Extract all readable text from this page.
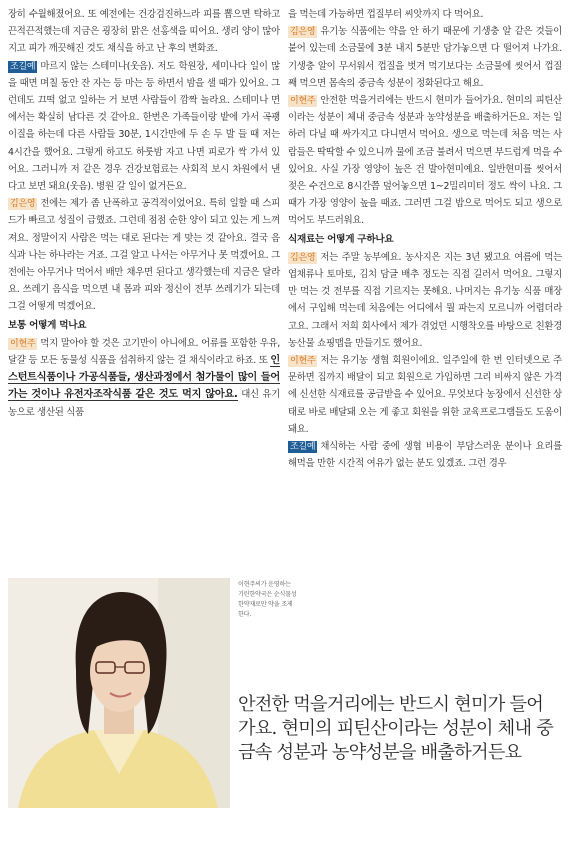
장히 수월해졌어요. 또 예전에는 건강검진하느라 피를 뽑으면 탁하고 끈적끈적했는데 지금은 굉장히 맑은 선홍색을 띠어요. 생리 양이 많아지고 피가 깨끗해진 것도 채식을 하고 난 후의 변화죠.

조길예 마르지 않는 스테미나(웃음). 저도 학원장, 세미나다 일이 많을 때면 며칠 동안 잔 자는 등 마는 등 하면서 밤을 샐 때가 있어요. 그런데도 끄떡 없고 일하는 거 보면 사람들이 깜짝 놀라요. 스테미나 면에서는 확실히 남다른 것 같아요. 한번은 가족들이랑 밭에 가서 곡괭이질을 하는데 다른 사람들 30분, 1시간만에 두 손 두 발 들 때 저는 4시간을 했어요. 그렇게 하고도 하룻밤 자고 나면 피로가 싹 가셔 있어요. 그러니까 저 같은 경우 건강보험료는 사회적 보시 차원에서 낸다고 보면 돼요(웃음). 병원 갈 일이 없거든요.

김은영 전에는 제가 좀 난폭하고 공격적이었어요. 특히 일할 때 스피드가 빠르고 성질이 급했죠. 그런데 점점 순한 양이 되고 있는 게 느껴져요. 정말이지 사람은 먹는 대로 된다는 게 맞는 것 같아요. 결국 음식과 나는 하나라는 거죠. 그걸 알고 나서는 아무거나 못 먹겠어요. 그 전에는 아무거나 먹어서 배만 채우면 된다고 생각했는데 지금은 달라요. 쓰레기 음식을 먹으면 내 몸과 피와 정신이 전부 쓰레기가 되는데 그걸 어떻게 먹겠어요.

보통 어떻게 먹나요

이현주 먹지 말아야 할 것은 고기만이 아니에요. 어류를 포함한 우유, 달걀 등 모든 동물성 식품을 섭취하지 않는 걸 채식이라고 하죠. 또 인스턴트식품이나 가공식품들, 생산과정에서 첨가물이 많이 들어가는 것이나 유전자조작식품 같은 것도 먹지 않아요. 대신 유기농으로 생산된 식품

을 먹는데 가능하면 껍질부터 씨앗까지 다 먹어요.

김은영 유기농 식품에는 약을 안 하기 때문에 기생충 알 같은 것들이 붙어 있는데 소금물에 3분 내지 5분만 담가놓으면 다 떨어져 나가요. 기생충 알이 무서워서 껍질을 벗겨 먹기보다는 소금물에 씻어서 껍질째 먹으면 몸속의 중금속 성분이 정화된다고 해요.

이현주 안전한 먹을거리에는 반드시 현미가 들어가요. 현미의 피틴산이라는 성분이 체내 중금속 성분과 농약성분을 배출하거든요. 저는 일하러 다닐 때 싸가지고 다니면서 먹어요. 생으로 먹는데 처음 먹는 사람들은 딱딱할 수 있으니까 물에 조금 불려서 먹으면 부드럽게 먹을 수 있어요. 사실 가장 영양이 높은 건 발아현미예요. 일반현미를 씻어서 젖은 수건으로 8시간쯤 덮어놓으면 1~2밀리미터 정도 싹이 나요. 그때가 가장 영양이 높을 때죠. 그러면 그걸 밥으로 먹어도 되고 생으로 먹어도 부드러워요.

식재료는 어떻게 구하나요

김은영 저는 주말 농부예요. 농사지은 지는 3년 됐고요 여름에 먹는 엽채류나 토마토, 김치 담글 배추 정도는 직접 길러서 먹어요. 그렇지만 먹는 것 전부를 직접 기르지는 못해요. 나머지는 유기농 식품 매장에서 구입해 먹는데 처음에는 어디에서 뭘 파는지 모르니까 어렵더라고요. 그래서 저희 회사에서 제가 겪었던 시행착오를 바탕으로 친환경 농산물 쇼핑맵을 만들기도 했어요.

이현주 저는 유기농 생협 회원이에요. 일주일에 한 번 인터넷으로 주문하면 집까지 배달이 되고 회원으로 가입하면 그리 비싸지 않은 가격에 신선한 식재료를 공급받을 수 있어요. 무엇보다 농장에서 신선한 상태로 바로 배달돼 오는 게 좋고 회원을 위한 교육프로그램들도 도움이 돼요.

조길예 채식하는 사람 중에 생협 비용이 부담스러운 분이나 요리를 해먹을 만한 시간적 여유가 없는 분도 있겠죠. 그런 경우

이현주씨가 운영하는 기린한약국은 순식물성 한약재로만 약을 조제한다.
안전한 먹을거리에는 반드시 현미가 들어가요. 현미의 피틴산이라는 성분이 체내 중금속 성분과 농약성분을 배출하거든요
